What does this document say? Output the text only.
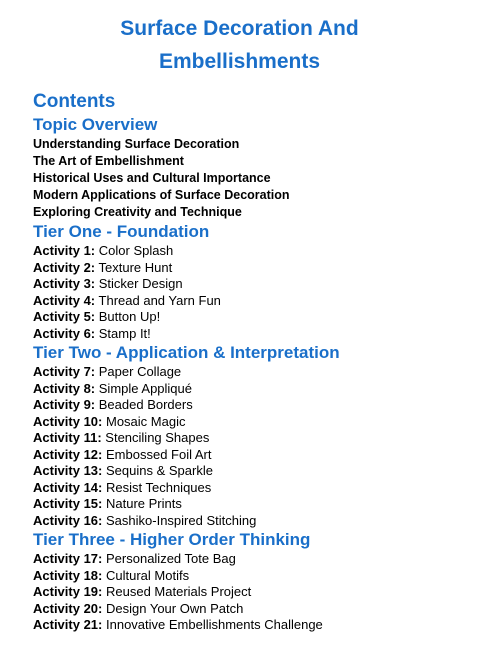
Surface Decoration And
Embellishments
Contents
Topic Overview
Understanding Surface Decoration
The Art of Embellishment
Historical Uses and Cultural Importance
Modern Applications of Surface Decoration
Exploring Creativity and Technique
Tier One - Foundation
Activity 1: Color Splash
Activity 2: Texture Hunt
Activity 3: Sticker Design
Activity 4: Thread and Yarn Fun
Activity 5: Button Up!
Activity 6: Stamp It!
Tier Two - Application & Interpretation
Activity 7: Paper Collage
Activity 8: Simple Appliqué
Activity 9: Beaded Borders
Activity 10: Mosaic Magic
Activity 11: Stenciling Shapes
Activity 12: Embossed Foil Art
Activity 13: Sequins & Sparkle
Activity 14: Resist Techniques
Activity 15: Nature Prints
Activity 16: Sashiko-Inspired Stitching
Tier Three - Higher Order Thinking
Activity 17: Personalized Tote Bag
Activity 18: Cultural Motifs
Activity 19: Reused Materials Project
Activity 20: Design Your Own Patch
Activity 21: Innovative Embellishments Challenge
